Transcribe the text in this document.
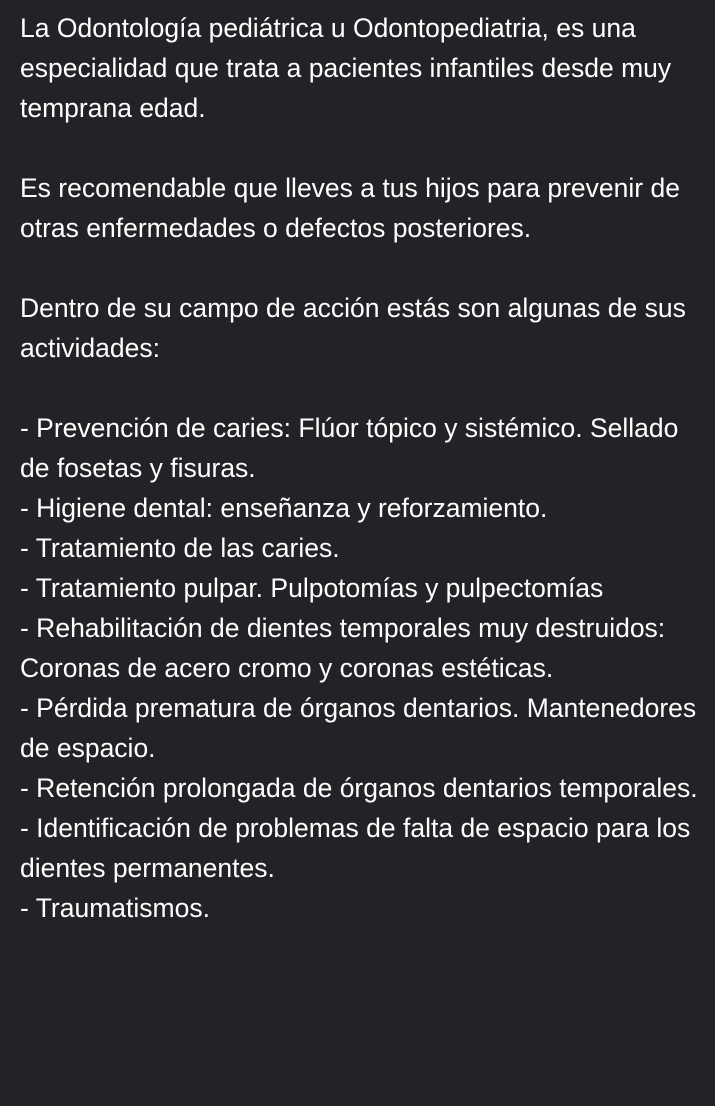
La Odontología pediátrica u Odontopediatria, es una especialidad que trata a pacientes infantiles desde muy temprana edad.

Es recomendable que lleves a tus hijos para prevenir de otras enfermedades o defectos posteriores.

Dentro de su campo de acción estás son algunas de sus actividades:

- Prevención de caries: Flúor tópico y sistémico. Sellado de fosetas y fisuras.

- Higiene dental: enseñanza y reforzamiento.

- Tratamiento de las caries.

- Tratamiento pulpar. Pulpotomías y pulpectomías

- Rehabilitación de dientes temporales muy destruidos: Coronas de acero cromo y coronas estéticas.

- Pérdida prematura de órganos dentarios. Mantenedores de espacio.

- Retención prolongada de órganos dentarios temporales.

- Identificación de problemas de falta de espacio para los dientes permanentes.

- Traumatismos.
